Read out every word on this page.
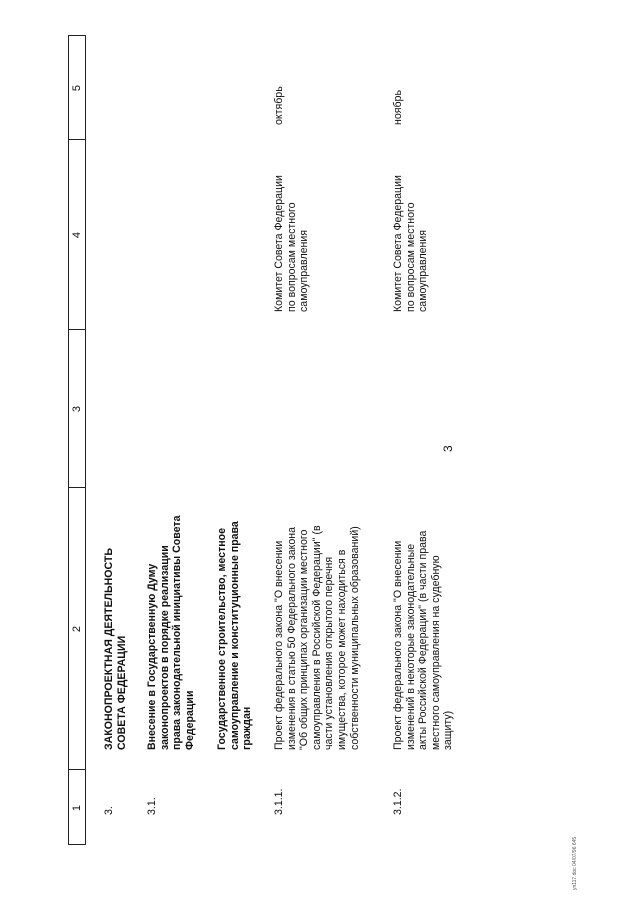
1
2
3
4
5
3
3.
ЗАКОНОПРОЕКТНАЯ ДЕЯТЕЛЬНОСТЬ
СОВЕТА ФЕДЕРАЦИИ
3.1.
Внесение в Государственную Думу
законопроектов в порядке реализации
права законодательной инициативы Совета
Федерации Государственное строительство, местное
самоуправление и конституционные права
граждан
3.1.1.
Проект федерального закона "О внесении
изменения в статью 50 Федерального закона
"Об общих принципах организации местного
самоуправления в Российской Федерации" (в
части установления открытого перечня
имущества, которое может находиться в
собственности муниципальных образований)
Комитет Совета Федерации
по вопросам местного
самоуправления
октябрь
3.1.2.
Проект федерального закона "О внесении
изменений в некоторые законодательные
акты Российской Федерации" (в части права
местного самоуправления на судебную
защиту)
Комитет Совета Федерации
по вопросам местного
самоуправления
ноябрь
уп117.doc 04/07/96 645
